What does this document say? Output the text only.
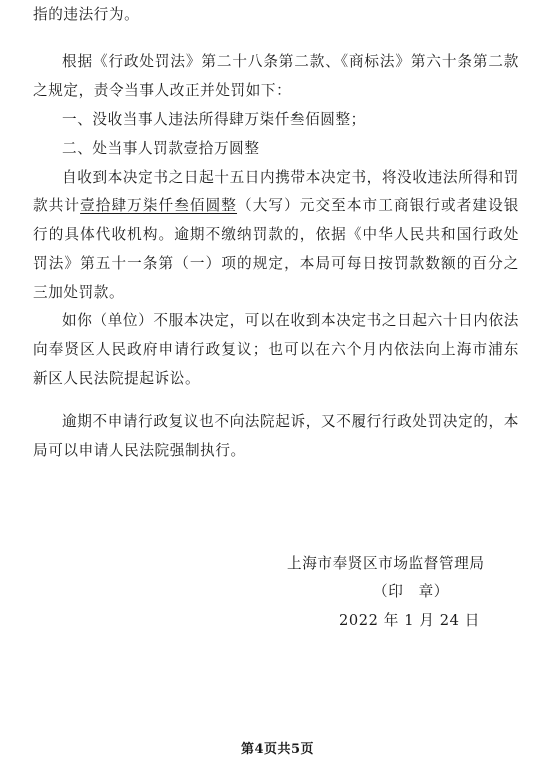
指的违法行为。
根据《行政处罚法》第二十八条第二款、《商标法》第六十条第二款
之规定，责令当事人改正并处罚如下：
一、没收当事人违法所得肆万柒仟叁佰圆整；
二、处当事人罚款壹拾万圆整
自收到本决定书之日起十五日内携带本决定书，将没收违法所得和罚
款共计壹拾肆万柒仟叁佰圆整（大写）元交至本市工商银行或者建设银
行的具体代收机构。逾期不缴纳罚款的，依据《中华人民共和国行政处
罚法》第五十一条第（一）项的规定，本局可每日按罚款数额的百分之
三加处罚款。
如你（单位）不服本决定，可以在收到本决定书之日起六十日内依法
向奉贤区人民政府申请行政复议；也可以在六个月内依法向上海市浦东
新区人民法院提起诉讼。
逾期不申请行政复议也不向法院起诉，又不履行行政处罚决定的，本
局可以申请人民法院强制执行。
上海市奉贤区市场监督管理局
（印　章）
2022 年 1 月 24 日
第4页共5页
